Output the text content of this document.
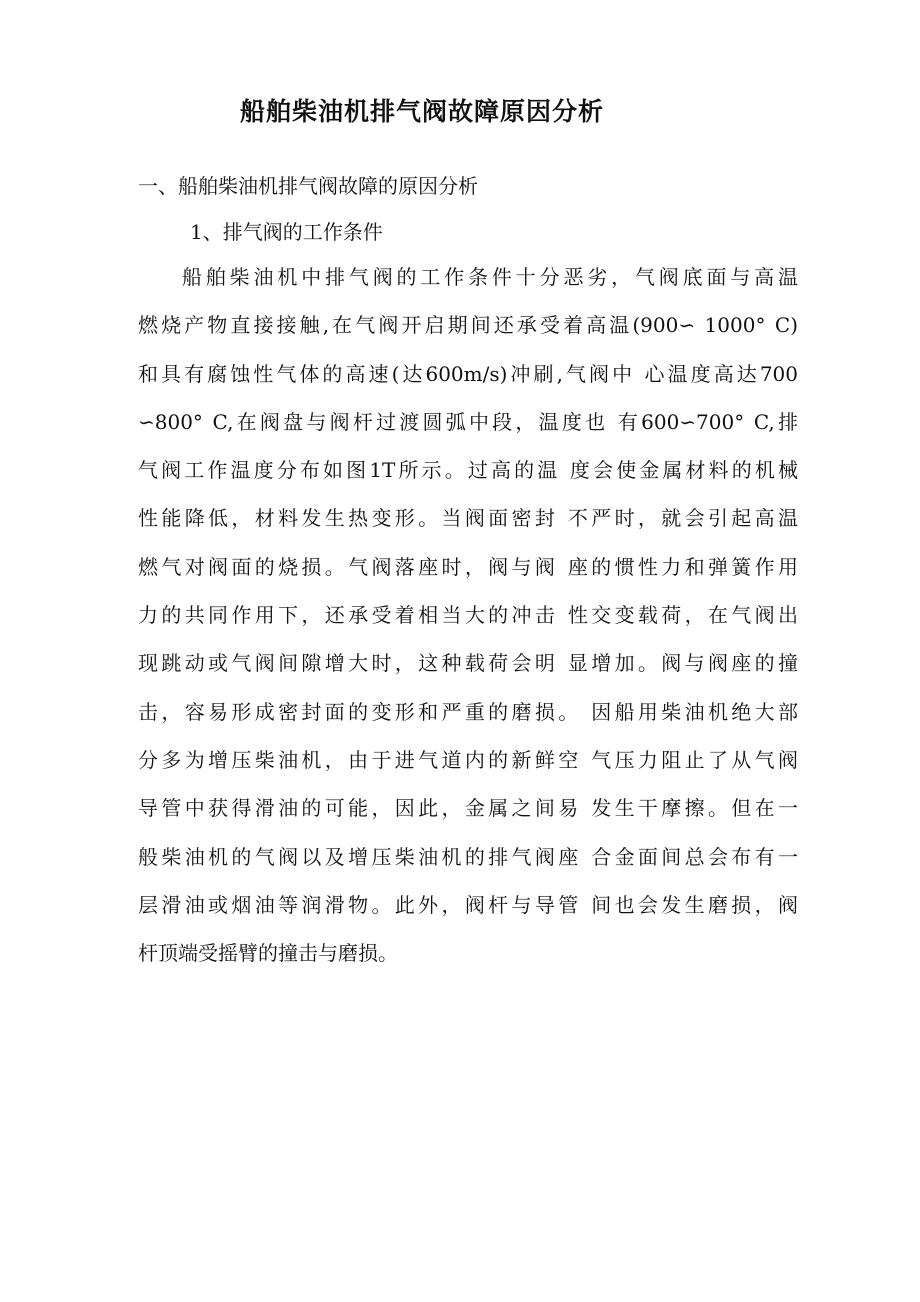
船舶柴油机排气阀故障原因分析
一、船舶柴油机排气阀故障的原因分析
1、排气阀的工作条件
船舶柴油机中排气阀的工作条件十分恶劣，气阀底面与高温
燃烧产物直接接触,在气阀开启期间还承受着高温(900∽ 1000° C)
和具有腐蚀性气体的高速(达600m/s)冲刷,气阀中 心温度高达700
∽800° C,在阀盘与阀杆过渡圆弧中段，温度也 有600∽700° C,排
气阀工作温度分布如图1T所示。过高的温 度会使金属材料的机械
性能降低，材料发生热变形。当阀面密封 不严时，就会引起高温
燃气对阀面的烧损。气阀落座时，阀与阀 座的惯性力和弹簧作用
力的共同作用下，还承受着相当大的冲击 性交变载荷，在气阀出
现跳动或气阀间隙增大时，这种载荷会明 显增加。阀与阀座的撞
击，容易形成密封面的变形和严重的磨损。 因船用柴油机绝大部
分多为增压柴油机，由于进气道内的新鲜空 气压力阻止了从气阀
导管中获得滑油的可能，因此，金属之间易 发生干摩擦。但在一
般柴油机的气阀以及增压柴油机的排气阀座 合金面间总会布有一
层滑油或烟油等润滑物。此外，阀杆与导管 间也会发生磨损，阀
杆顶端受摇臂的撞击与磨损。
